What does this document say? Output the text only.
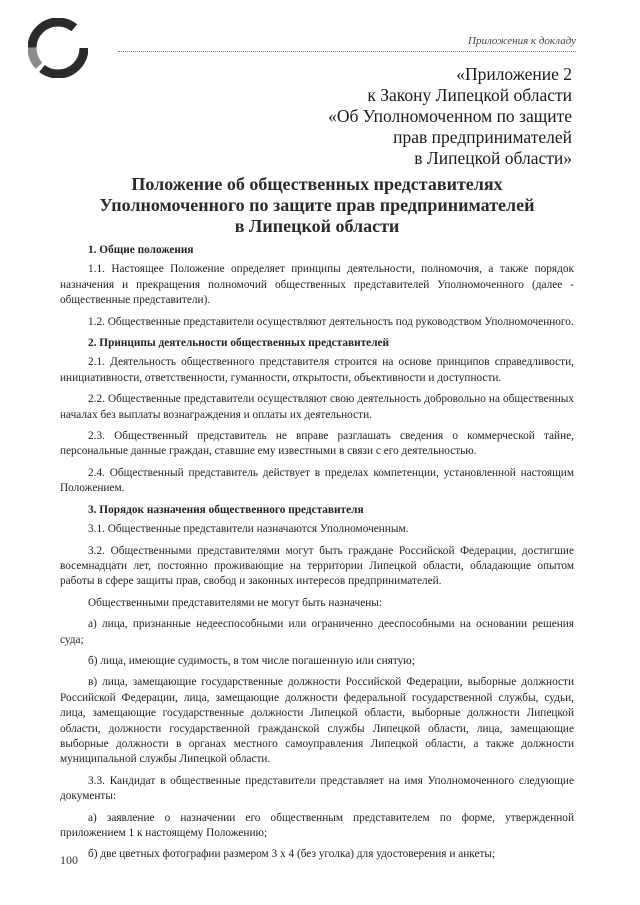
Приложения к докладу
«Приложение 2
к Закону Липецкой области
«Об Уполномоченном по защите
прав предпринимателей
в Липецкой области»
Положение об общественных представителях
Уполномоченного по защите прав предпринимателей
в Липецкой области

1. Общие положения

1.1. Настоящее Положение определяет принципы деятельности, полномочия, а также порядок назначения и прекращения полномочий общественных представителей Уполномоченного (далее - общественные представители).

1.2. Общественные представители осуществляют деятельность под руководством Уполномоченного.

2. Принципы деятельности общественных представителей

2.1. Деятельность общественного представителя строится на основе принципов справедливости, инициативности, ответственности, гуманности, открытости, объективности и доступности.

2.2. Общественные представители осуществляют свою деятельность добровольно на общественных началах без выплаты вознаграждения и оплаты их деятельности.

2.3. Общественный представитель не вправе разглашать сведения о коммерческой тайне, персональные данные граждан, ставшие ему известными в связи с его деятельностью.

2.4. Общественный представитель действует в пределах компетенции, установленной настоящим Положением.

3. Порядок назначения общественного представителя

3.1. Общественные представители назначаются Уполномоченным.

3.2. Общественными представителями могут быть граждане Российской Федерации, достигшие восемнадцати лет, постоянно проживающие на территории Липецкой области, обладающие опытом работы в сфере защиты прав, свобод и законных интересов предпринимателей.

Общественными представителями не могут быть назначены:

а) лица, признанные недееспособными или ограниченно дееспособными на основании решения суда;

б) лица, имеющие судимость, в том числе погашенную или снятую;

в) лица, замещающие государственные должности Российской Федерации, выборные должности Российской Федерации, лица, замещающие должности федеральной государственной службы, судьи, лица, замещающие государственные должности Липецкой области, выборные должности Липецкой области, должности государственной гражданской службы Липецкой области, лица, замещающие выборные должности в органах местного самоуправления Липецкой области, а также должности муниципальной службы Липецкой области.

3.3. Кандидат в общественные представители представляет на имя Уполномоченного следующие документы:

а) заявление о назначении его общественным представителем по форме, утвержденной приложением 1 к настоящему Положению;

б) две цветных фотографии размером 3 х 4 (без уголка) для удостоверения и анкеты;

100
